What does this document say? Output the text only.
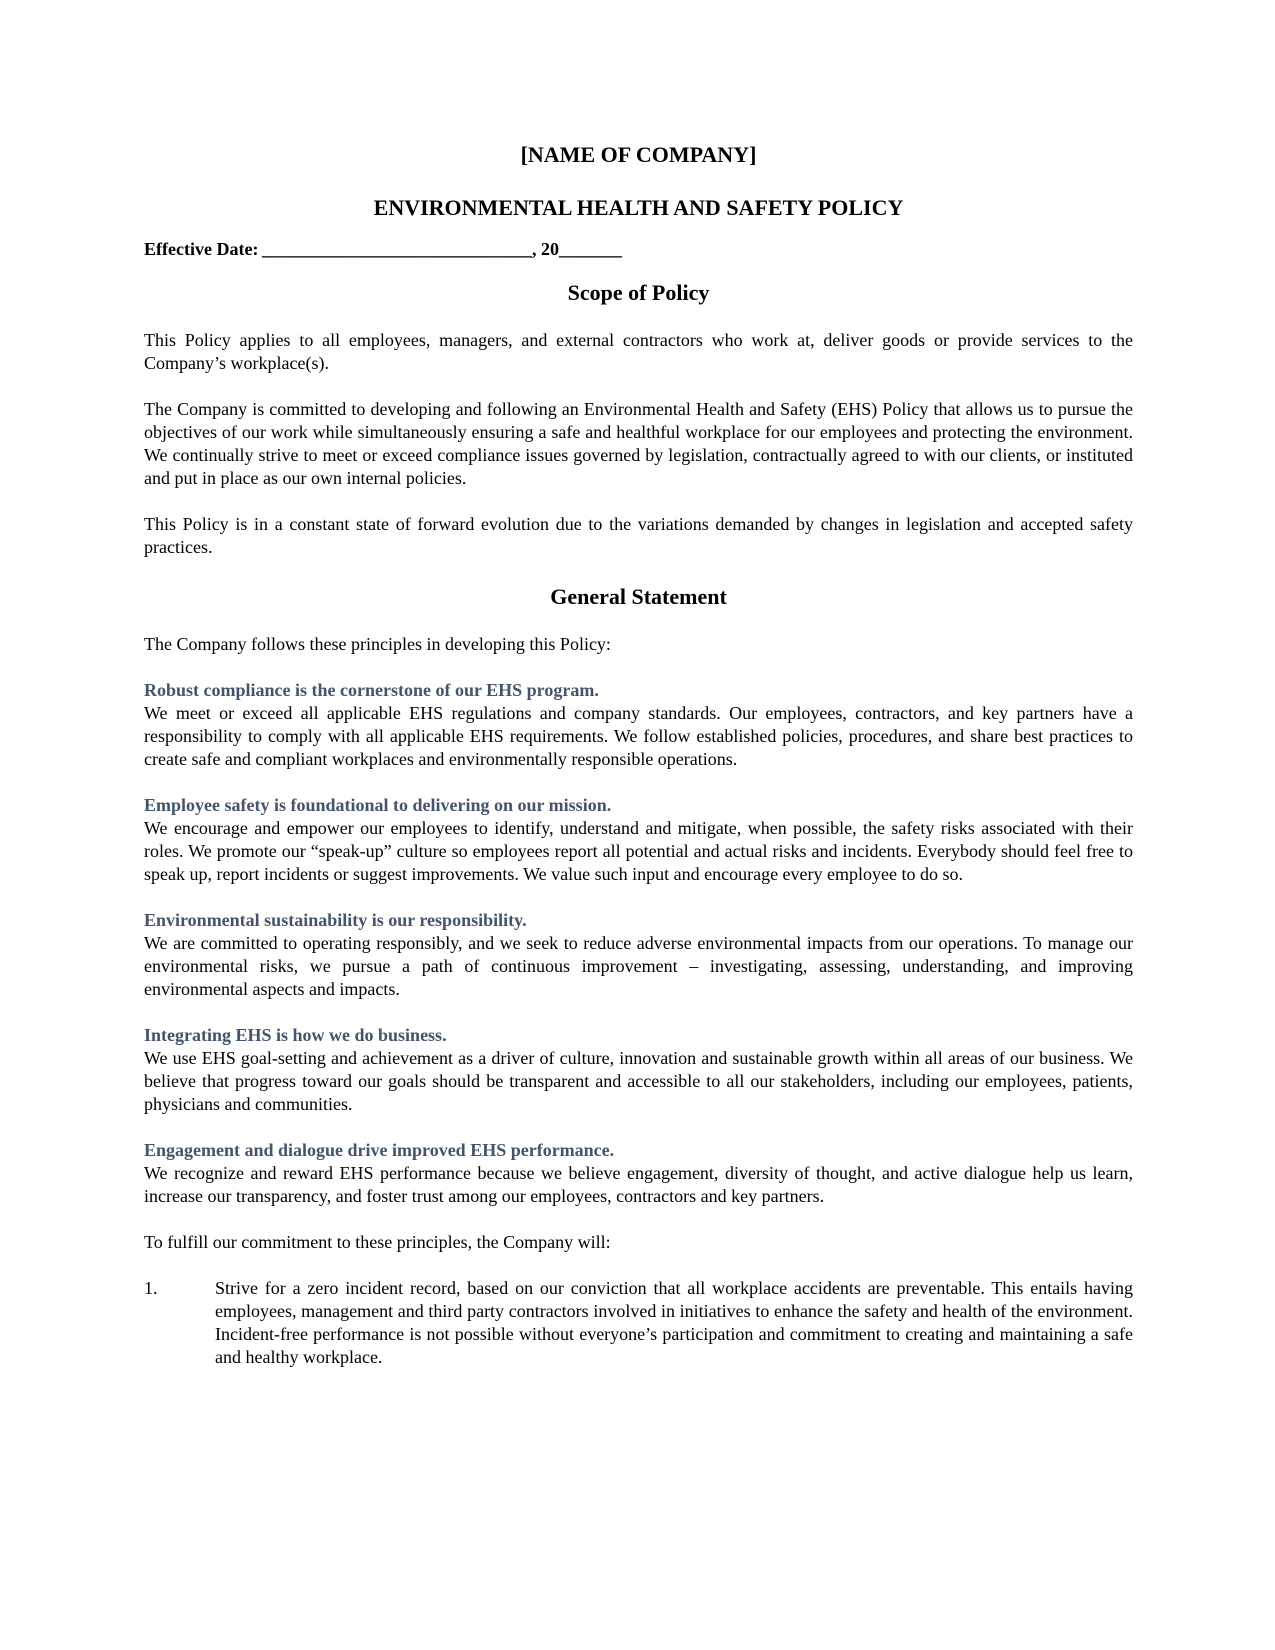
[NAME OF COMPANY]

ENVIRONMENTAL HEALTH AND SAFETY POLICY

Effective Date:  ______________________________, 20_______

Scope of Policy

This Policy applies to all employees, managers, and external contractors who work at, deliver goods or provide services to the Company’s workplace(s).

The Company is committed to developing and following an Environmental Health and Safety (EHS) Policy that allows us to pursue the objectives of our work while simultaneously ensuring a safe and healthful workplace for our employees and protecting the environment. We continually strive to meet or exceed compliance issues governed by legislation, contractually agreed to with our clients, or instituted and put in place as our own internal policies.

This Policy is in a constant state of forward evolution due to the variations demanded by changes in legislation and accepted safety practices.

General Statement

The Company follows these principles in developing this Policy:

Robust compliance is the cornerstone of our EHS program.

We meet or exceed all applicable EHS regulations and company standards. Our employees, contractors, and key partners have a responsibility to comply with all applicable EHS requirements. We follow established policies, procedures, and share best practices to create safe and compliant workplaces and environmentally responsible operations.

Employee safety is foundational to delivering on our mission.

We encourage and empower our employees to identify, understand and mitigate, when possible, the safety risks associated with their roles. We promote our “speak-up” culture so employees report all potential and actual risks and incidents. Everybody should feel free to speak up, report incidents or suggest improvements. We value such input and encourage every employee to do so.

Environmental sustainability is our responsibility.

We are committed to operating responsibly, and we seek to reduce adverse environmental impacts from our operations. To manage our environmental risks, we pursue a path of continuous improvement – investigating, assessing, understanding, and improving environmental aspects and impacts.

Integrating EHS is how we do business.

We use EHS goal-setting and achievement as a driver of culture, innovation and sustainable growth within all areas of our business. We believe that progress toward our goals should be transparent and accessible to all our stakeholders, including our employees, patients, physicians and communities.

Engagement and dialogue drive improved EHS performance.

We recognize and reward EHS performance because we believe engagement, diversity of thought, and active dialogue help us learn, increase our transparency, and foster trust among our employees, contractors and key partners.

To fulfill our commitment to these principles, the Company will:

1.	Strive for a zero incident record, based on our conviction that all workplace accidents are preventable. This entails having employees, management and third party contractors involved in initiatives to enhance the safety and health of the environment. Incident-free performance is not possible without everyone’s participation and commitment to creating and maintaining a safe and healthy workplace.
